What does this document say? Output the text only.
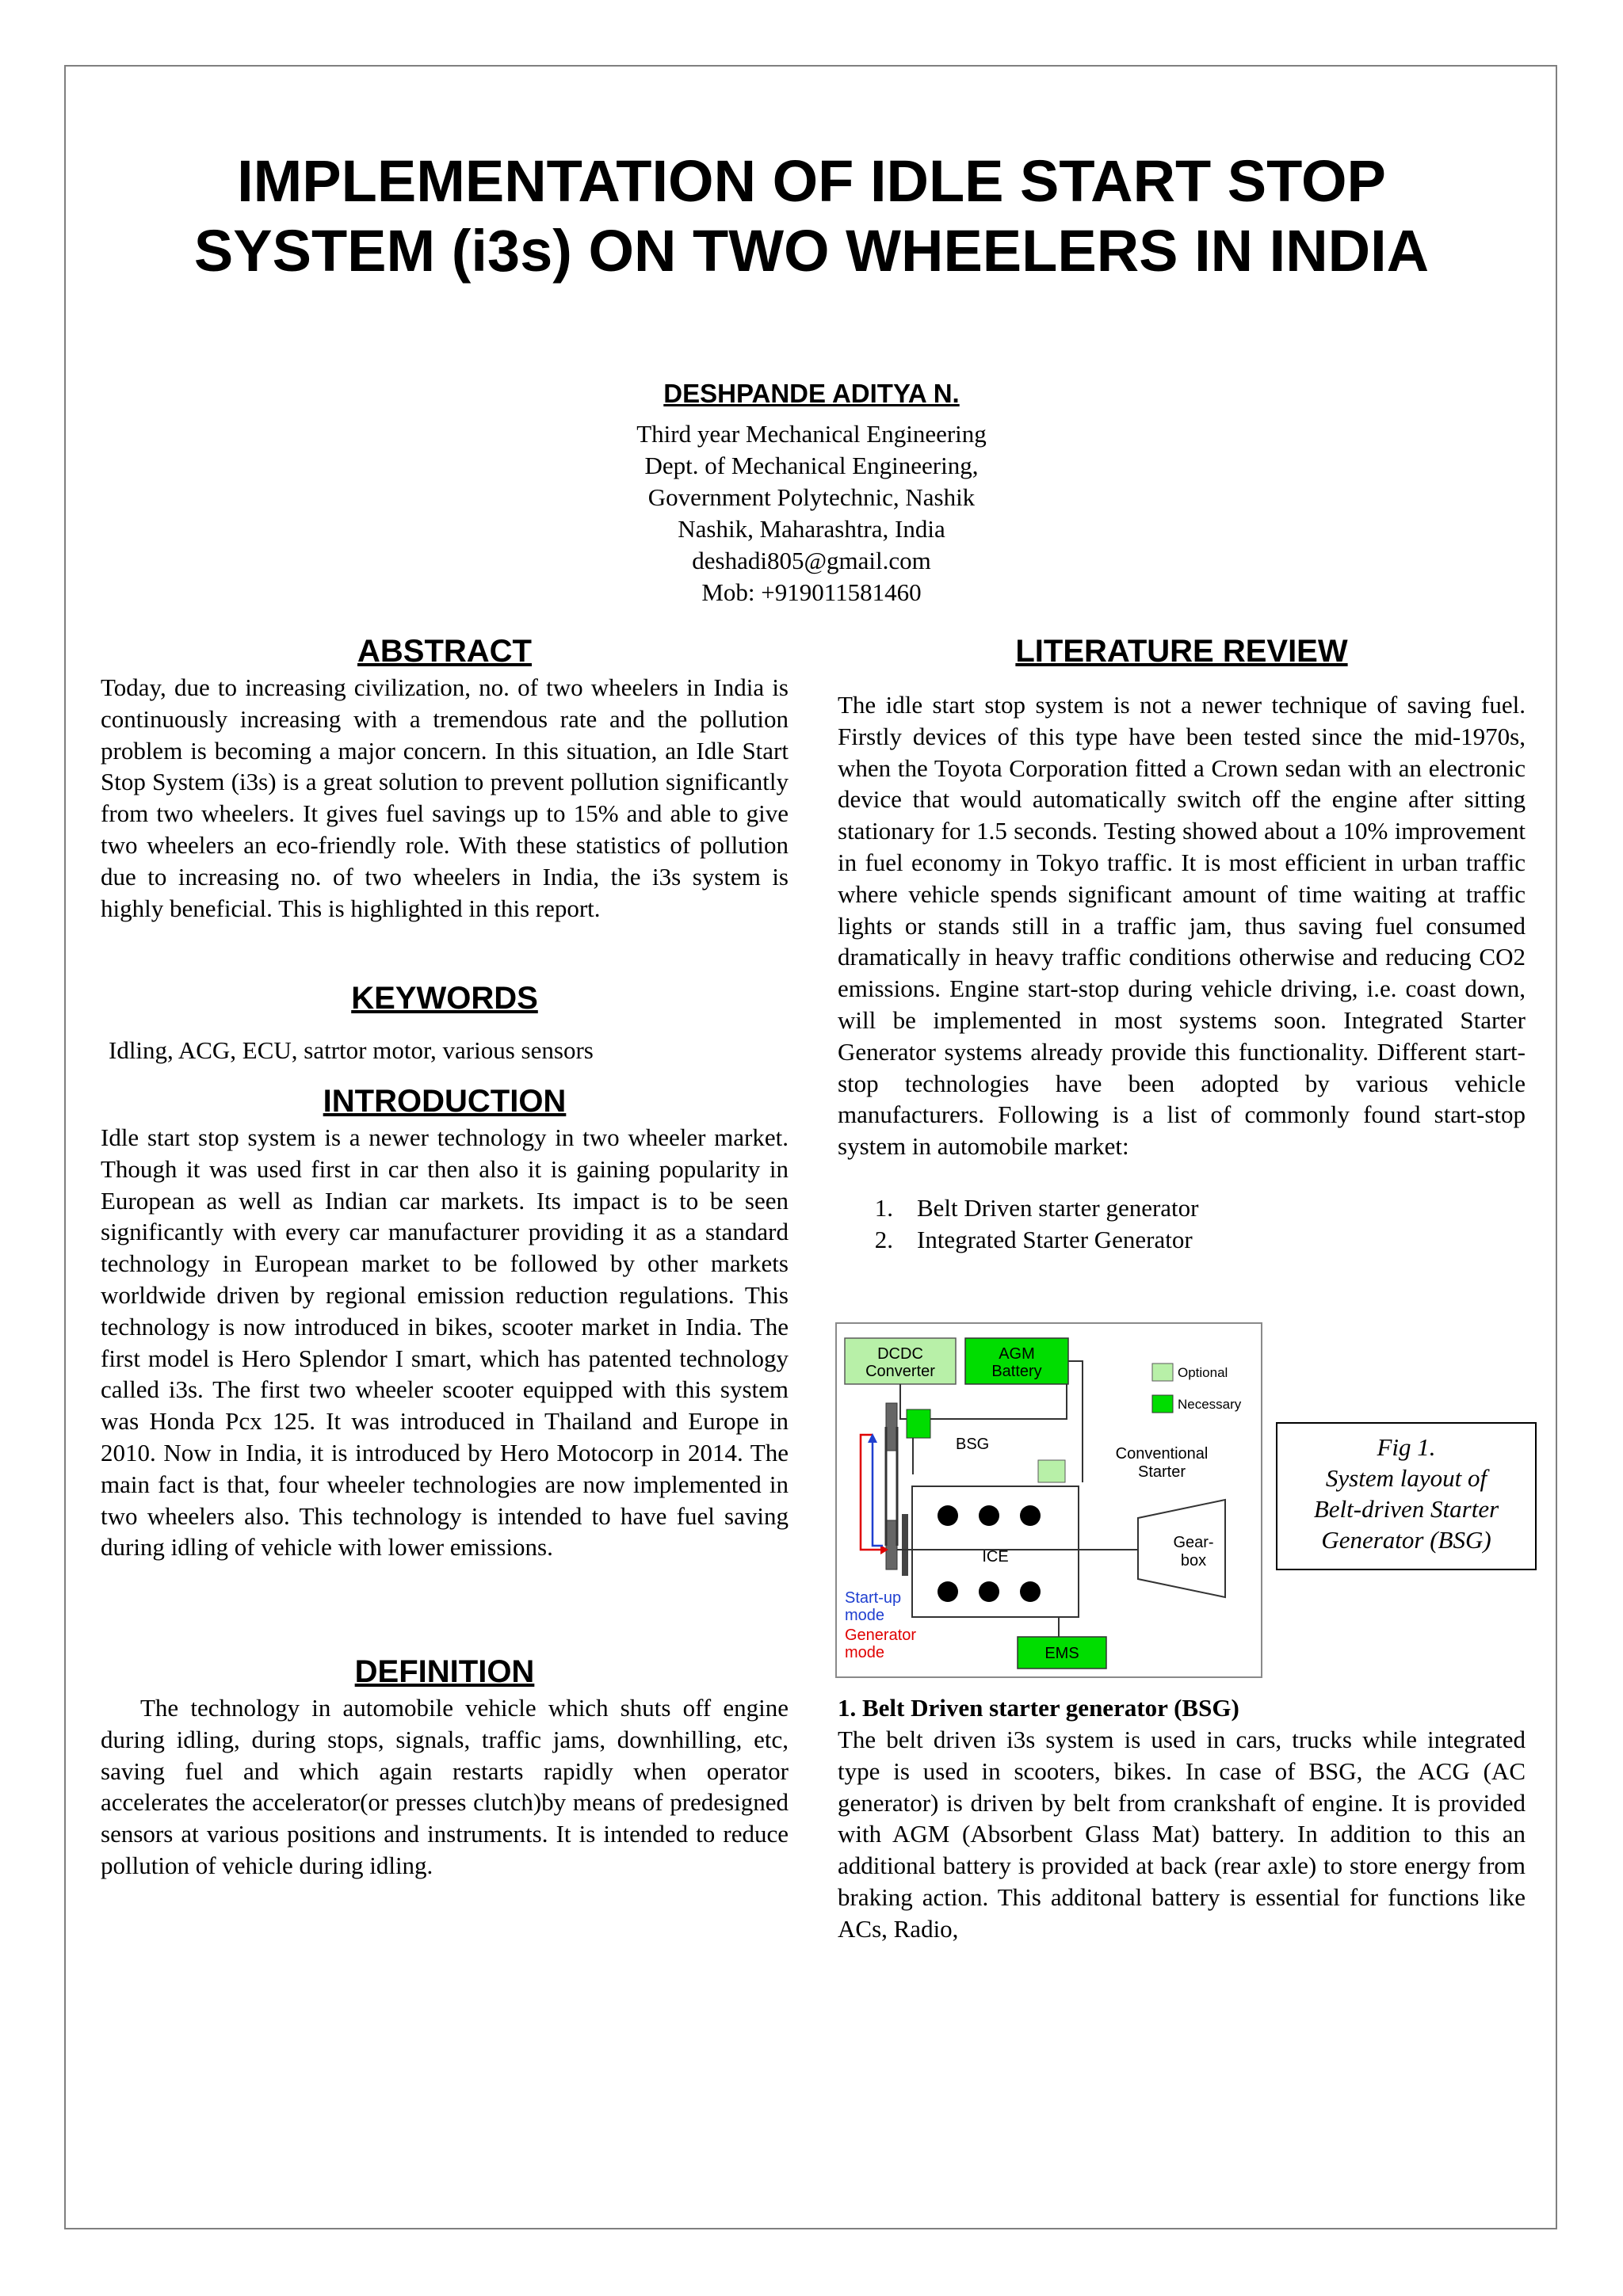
IMPLEMENTATION OF IDLE START STOP
SYSTEM (i3s) ON TWO WHEELERS IN INDIA
DESHPANDE ADITYA N.
Third year Mechanical Engineering
Dept. of Mechanical Engineering,
Government Polytechnic, Nashik
Nashik, Maharashtra, India
deshadi805@gmail.com
Mob: +919011581460
ABSTRACT
Today, due to increasing civilization, no. of two wheelers in India is continuously increasing with a tremendous rate and the pollution problem is becoming a major concern. In this situation, an Idle Start Stop System (i3s) is a great solution to prevent pollution significantly from two wheelers. It gives fuel savings up to 15% and able to give two wheelers an eco-friendly role. With these statistics of pollution due to increasing no. of two wheelers in India, the i3s system is highly beneficial. This is highlighted in this report.
KEYWORDS
Idling, ACG, ECU, satrtor motor, various sensors
INTRODUCTION
Idle start stop system is a newer technology in two wheeler market. Though it was used first in car then also it is gaining popularity in European as well as Indian car markets. Its impact is to be seen significantly with every car manufacturer providing it as a standard technology in European market to be followed by other markets worldwide driven by regional emission reduction regulations. This technology is now introduced in bikes, scooter market in India. The first model is Hero Splendor I smart, which has patented technology called i3s. The first two wheeler scooter equipped with this system was Honda Pcx 125. It was introduced in Thailand and Europe in 2010. Now in India, it is introduced by Hero Motocorp in 2014. The main fact is that, four wheeler technologies are now implemented in two wheelers also. This technology is intended to have fuel saving during idling of vehicle with lower emissions.
DEFINITION
The technology in automobile vehicle which shuts off engine during idling, during stops, signals, traffic jams, downhilling, etc, saving fuel and which again restarts rapidly when operator accelerates the accelerator(or presses clutch)by means of predesigned sensors at various positions and instruments. It is intended to reduce pollution of vehicle during idling.
LITERATURE REVIEW
The idle start stop system is not a newer technique of saving fuel. Firstly devices of this type have been tested since the mid-1970s, when the Toyota Corporation fitted a Crown sedan with an electronic device that would automatically switch off the engine after sitting stationary for 1.5 seconds. Testing showed about a 10% improvement in fuel economy in Tokyo traffic. It is most efficient in urban traffic where vehicle spends significant amount of time waiting at traffic lights or stands still in a traffic jam, thus saving fuel consumed dramatically in heavy traffic conditions otherwise and reducing CO2 emissions. Engine start-stop during vehicle driving, i.e. coast down, will be implemented in most systems soon. Integrated Starter Generator systems already provide this functionality. Different start-stop technologies have been adopted by various vehicle manufacturers. Following is a list of commonly found start-stop system in automobile market:
1. Belt Driven starter generator
2. Integrated Starter Generator
DCDC
Converter
AGM
Battery	Optional
Necessary
BSG
Conventional
Starter
ICE
Gear-
box
Start-up
mode
Generator
mode	EMS
Fig 1.
System layout of
Belt-driven Starter
Generator (BSG)
1. Belt Driven starter generator (BSG)
The belt driven i3s system is used in cars, trucks while integrated type is used in scooters, bikes. In case of BSG, the ACG (AC generator) is driven by belt from crankshaft of engine. It is provided with AGM (Absorbent Glass Mat) battery. In addition to this an additional battery is provided at back (rear axle) to store energy from braking action. This additonal battery is essential for functions like ACs, Radio,
